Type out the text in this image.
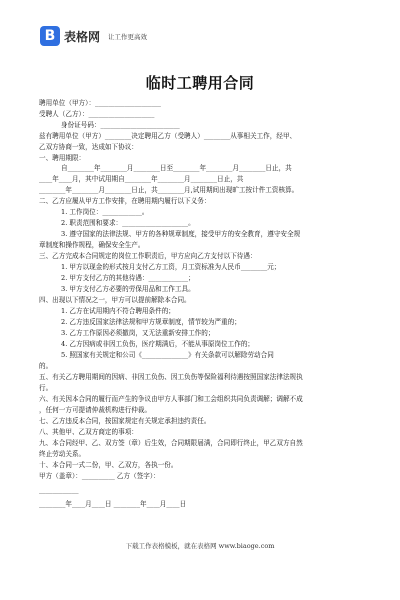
B 表格网 让工作更高效
临时工聘用合同
聘用单位（甲方）：____________________
受聘人（乙方）：____________________
身份证号码：________________________
兹有聘用单位（甲方）________决定聘用乙方（受聘人）________从事相关工作，经甲、
乙双方协商一致，达成如下协议：
一、聘用期限：
自________年________月________日至________年________月________日止，共
____年____月，其中试用期自________年________月________日止，共
________年________月________日止，共________月,试用期间出现旷工按计件工资核算。
二、乙方应履从甲方工作安排，在聘用期内履行以下义务：
1. 工作岗位：____________。
2. 职责范围和要求：____________________。
3. 遵守国家的法律法规、甲方的各种规章制度，接受甲方的安全教育，遵守安全规
章制度和操作规程，确保安全生产。
三、乙方完成本合同规定的岗位工作职责后，甲方应向乙方支付以下待遇：
1. 甲方以现金的形式按月支付乙方工资，月工资标准为人民币________元；
2. 甲方支付乙方的其他待遇：____________；
3. 甲方支付乙方必要的劳保用品和工作工具。
四、出现以下情况之一，甲方可以提前解除本合同。
1. 乙方在试用期内不符合聘用条件的；
2. 乙方违反国家法律法规和甲方规章制度，情节较为严重的；
3. 乙方工作原因必须撤岗，又无法重新安排工作的；
4. 乙方因病或非因工负伤，医疗期满后，不能从事原岗位工作的；
5. 照国家有关规定和公司《______________》有关条款可以解除劳动合同
的。
五、有关乙方聘用期间的因病、非因工负伤、因工负伤等保险福利待遇按照国家法律法规执
行。
六、有关因本合同的履行而产生的争议由甲方人事部门和工会组织共同负责调解；调解不成
，任何一方可提请仲裁机构进行仲裁。
七、乙方违反本合同，按国家规定有关规定承担违约责任。
八、其他甲、乙双方商定的事项：
九、本合同经甲、乙、双方签（章）后生效，合同期限届满，合同即行终止，甲乙双方自然
终止劳动关系。
十、本合同一式二份，甲、乙双方，各执一份。
甲方（盖章）：__________ 乙方（签字）：
____________
________年____月____日 ________年____月____日
下载工作表格模板，就在表格网 www.biaoge.com
